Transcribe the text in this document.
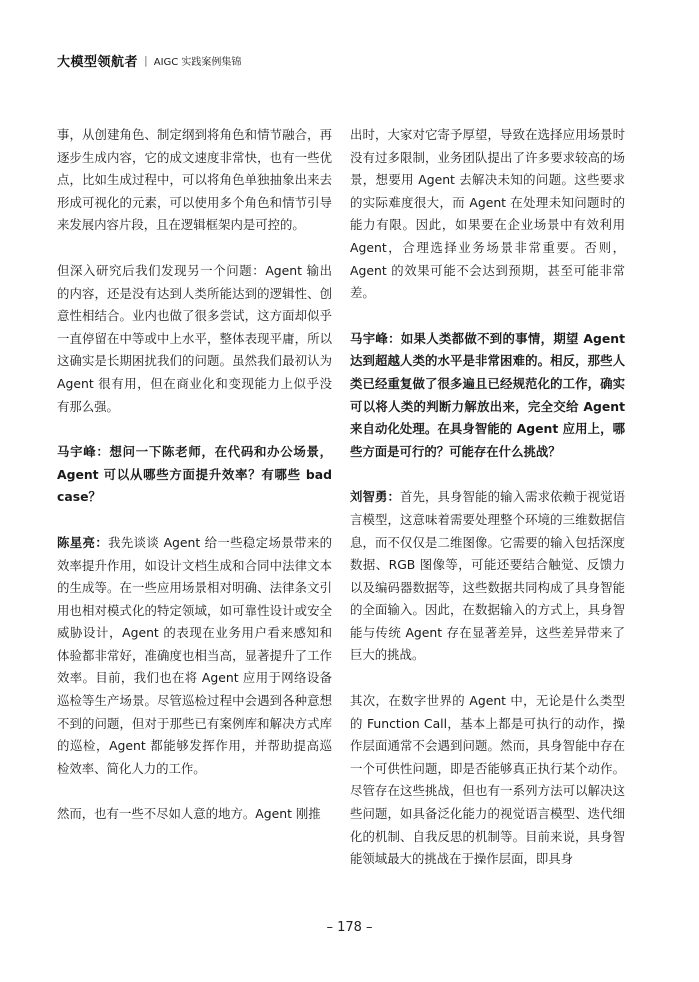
大模型领航者 | AIGC 实践案例集锦

事，从创建角色、制定纲到将角色和情节融合，再逐步生成内容，它的成文速度非常快，也有一些优点，比如生成过程中，可以将角色单独抽象出来去形成可视化的元素，可以使用多个角色和情节引导来发展内容片段，且在逻辑框架内是可控的。

但深入研究后我们发现另一个问题：Agent 输出的内容，还是没有达到人类所能达到的逻辑性、创意性相结合。业内也做了很多尝试，这方面却似乎一直停留在中等或中上水平，整体表现平庸，所以这确实是长期困扰我们的问题。虽然我们最初认为 Agent 很有用，但在商业化和变现能力上似乎没有那么强。

马宇峰：想问一下陈老师，在代码和办公场景，Agent 可以从哪些方面提升效率？有哪些 bad case？

陈星亮：我先谈谈 Agent 给一些稳定场景带来的效率提升作用，如设计文档生成和合同中法律文本的生成等。在一些应用场景相对明确、法律条文引用也相对模式化的特定领域，如可靠性设计或安全威胁设计，Agent 的表现在业务用户看来感知和体验都非常好，准确度也相当高，显著提升了工作效率。目前，我们也在将 Agent 应用于网络设备巡检等生产场景。尽管巡检过程中会遇到各种意想不到的问题，但对于那些已有案例库和解决方式库的巡检，Agent 都能够发挥作用，并帮助提高巡检效率、简化人力的工作。

然而，也有一些不尽如人意的地方。Agent 刚推

出时，大家对它寄予厚望，导致在选择应用场景时没有过多限制，业务团队提出了许多要求较高的场景，想要用 Agent 去解决未知的问题。这些要求的实际难度很大，而 Agent 在处理未知问题时的能力有限。因此，如果要在企业场景中有效利用 Agent，合理选择业务场景非常重要。否则，Agent 的效果可能不会达到预期，甚至可能非常差。

马宇峰：如果人类都做不到的事情，期望 Agent 达到超越人类的水平是非常困难的。相反，那些人类已经重复做了很多遍且已经规范化的工作，确实可以将人类的判断力解放出来，完全交给 Agent 来自动化处理。在具身智能的 Agent 应用上，哪些方面是可行的？可能存在什么挑战？

刘智勇：首先，具身智能的输入需求依赖于视觉语言模型，这意味着需要处理整个环境的三维数据信息，而不仅仅是二维图像。它需要的输入包括深度数据、RGB 图像等，可能还要结合触觉、反馈力以及编码器数据等，这些数据共同构成了具身智能的全面输入。因此，在数据输入的方式上，具身智能与传统 Agent 存在显著差异，这些差异带来了巨大的挑战。

其次，在数字世界的 Agent 中，无论是什么类型的 Function Call，基本上都是可执行的动作，操作层面通常不会遇到问题。然而，具身智能中存在一个可供性问题，即是否能够真正执行某个动作。尽管存在这些挑战，但也有一系列方法可以解决这些问题，如具备泛化能力的视觉语言模型、迭代细化的机制、自我反思的机制等。目前来说，具身智能领域最大的挑战在于操作层面，即具身

– 178 –
